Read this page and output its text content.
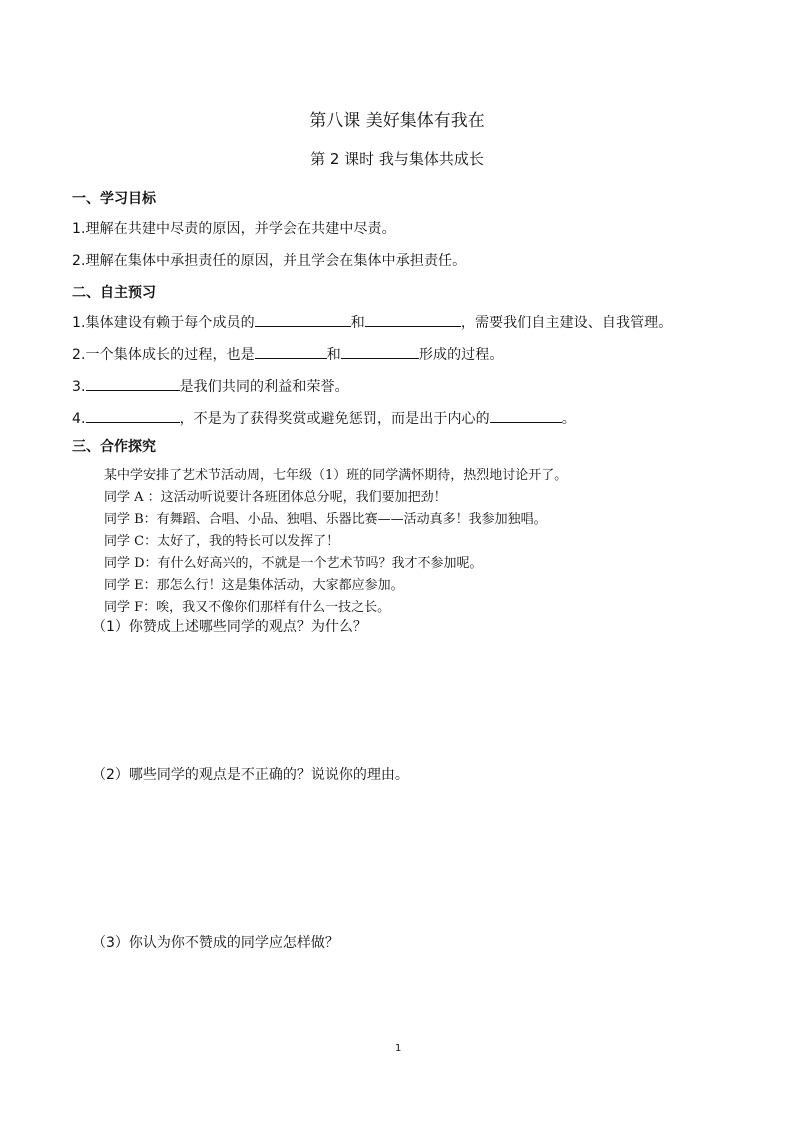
第八课 美好集体有我在
第 2 课时 我与集体共成长
一、学习目标
1.理解在共建中尽责的原因，并学会在共建中尽责。
2.理解在集体中承担责任的原因，并且学会在集体中承担责任。
二、自主预习
1.集体建设有赖于每个成员的	和	，需要我们自主建设、自我管理。
2.一个集体成长的过程，也是	和	形成的过程。
3.	是我们共同的利益和荣誉。
4.	，不是为了获得奖赏或避免惩罚，而是出于内心的	。
三、合作探究
某中学安排了艺术节活动周，七年级（1）班的同学满怀期待，热烈地讨论开了。
同学 A ：这活动听说要计各班团体总分呢，我们要加把劲！
同学 B：有舞蹈、合唱、小品、独唱、乐器比赛——活动真多！我参加独唱。
同学 C：太好了，我的特长可以发挥了！
同学 D：有什么好高兴的，不就是一个艺术节吗？我才不参加呢。
同学 E：那怎么行！这是集体活动，大家都应参加。
同学 F：唉，我又不像你们那样有什么一技之长。
（1）你赞成上述哪些同学的观点？为什么？
（2）哪些同学的观点是不正确的？说说你的理由。
（3）你认为你不赞成的同学应怎样做？
1
